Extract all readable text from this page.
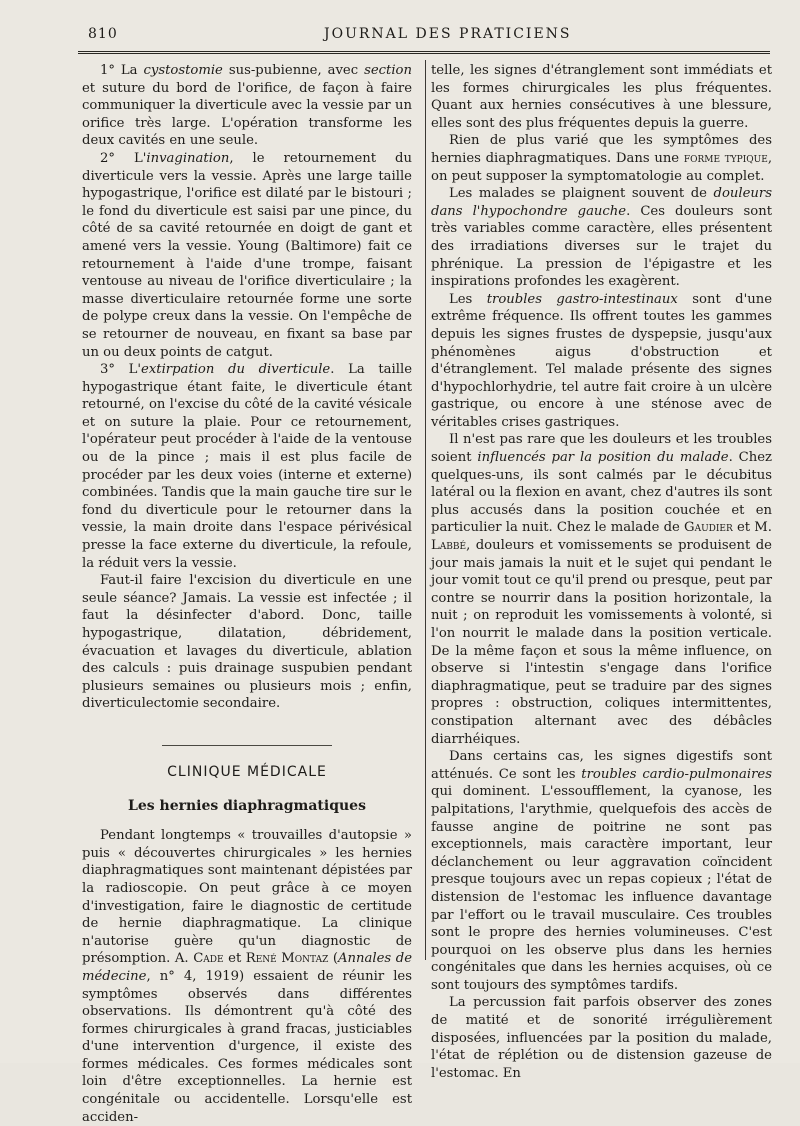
810	JOURNAL DES PRATICIENS

1° La cystostomie sus-pubienne, avec section et suture du bord de l'orifice, de façon à faire communiquer la diverticule avec la vessie par un orifice très large. L'opération transforme les deux cavités en une seule.

2° L'invagination, le retournement du diverticule vers la vessie. Après une large taille hypogastrique, l'orifice est dilaté par le bistouri ; le fond du diverticule est saisi par une pince, du côté de sa cavité retournée en doigt de gant et amené vers la vessie. Young (Baltimore) fait ce retournement à l'aide d'une trompe, faisant ventouse au niveau de l'orifice diverticulaire ; la masse diverticulaire retournée forme une sorte de polype creux dans la vessie. On l'empêche de se retourner de nouveau, en fixant sa base par un ou deux points de catgut.

3° L'extirpation du diverticule. La taille hypogastrique étant faite, le diverticule étant retourné, on l'excise du côté de la cavité vésicale et on suture la plaie. Pour ce retournement, l'opérateur peut procéder à l'aide de la ventouse ou de la pince ; mais il est plus facile de procéder par les deux voies (interne et externe) combinées. Tandis que la main gauche tire sur le fond du diverticule pour le retourner dans la vessie, la main droite dans l'espace périvésical presse la face externe du diverticule, la refoule, la réduit vers la vessie.

Faut-il faire l'excision du diverticule en une seule séance? Jamais. La vessie est infectée ; il faut la désinfecter d'abord. Donc, taille hypogastrique, dilatation, débridement, évacuation et lavages du diverticule, ablation des calculs : puis drainage suspubien pendant plusieurs semaines ou plusieurs mois ; enfin, diverticulectomie secondaire.

CLINIQUE MÉDICALE
Les hernies diaphragmatiques

Pendant longtemps « trouvailles d'autopsie » puis « découvertes chirurgicales » les hernies diaphragmatiques sont maintenant dépistées par la radioscopie. On peut grâce à ce moyen d'investigation, faire le diagnostic de certitude de hernie diaphragmatique. La clinique n'autorise guère qu'un diagnostic de présomption. A. Cade et René Montaz (Annales de médecine, n° 4, 1919) essaient de réunir les symptômes observés dans différentes observations. Ils démontrent qu'à côté des formes chirurgicales à grand fracas, justiciables d'une intervention d'urgence, il existe des formes médicales. Ces formes médicales sont loin d'être exceptionnelles. La hernie est congénitale ou accidentelle. Lorsqu'elle est acciden-

telle, les signes d'étranglement sont immédiats et les formes chirurgicales les plus fréquentes. Quant aux hernies consécutives à une blessure, elles sont des plus fréquentes depuis la guerre.

Rien de plus varié que les symptômes des hernies diaphragmatiques. Dans une forme typique, on peut supposer la symptomatologie au complet.

Les malades se plaignent souvent de douleurs dans l'hypochondre gauche. Ces douleurs sont très variables comme caractère, elles présentent des irradiations diverses sur le trajet du phrénique. La pression de l'épigastre et les inspirations profondes les exagèrent.

Les troubles gastro-intestinaux sont d'une extrême fréquence. Ils offrent toutes les gammes depuis les signes frustes de dyspepsie, jusqu'aux phénomènes aigus d'obstruction et d'étranglement. Tel malade présente des signes d'hypochlorhydrie, tel autre fait croire à un ulcère gastrique, ou encore à une sténose avec de véritables crises gastriques.

Il n'est pas rare que les douleurs et les troubles soient influencés par la position du malade. Chez quelques-uns, ils sont calmés par le décubitus latéral ou la flexion en avant, chez d'autres ils sont plus accusés dans la position couchée et en particulier la nuit. Chez le malade de Gaudier et M. Labbé, douleurs et vomissements se produisent de jour mais jamais la nuit et le sujet qui pendant le jour vomit tout ce qu'il prend ou presque, peut par contre se nourrir dans la position horizontale, la nuit ; on reproduit les vomissements à volonté, si l'on nourrit le malade dans la position verticale. De la même façon et sous la même influence, on observe si l'intestin s'engage dans l'orifice diaphragmatique, peut se traduire par des signes propres : obstruction, coliques intermittentes, constipation alternant avec des débâcles diarrhéiques.

Dans certains cas, les signes digestifs sont atténués. Ce sont les troubles cardio-pulmonaires qui dominent. L'essoufflement, la cyanose, les palpitations, l'arythmie, quelquefois des accès de fausse angine de poitrine ne sont pas exceptionnels, mais caractère important, leur déclanchement ou leur aggravation coïncident presque toujours avec un repas copieux ; l'état de distension de l'estomac les influence davantage par l'effort ou le travail musculaire. Ces troubles sont le propre des hernies volumineuses. C'est pourquoi on les observe plus dans les hernies congénitales que dans les hernies acquises, où ce sont toujours des symptômes tardifs.

La percussion fait parfois observer des zones de matité et de sonorité irrégulièrement disposées, influencées par la position du malade, l'état de réplétion ou de distension gazeuse de l'estomac. En
